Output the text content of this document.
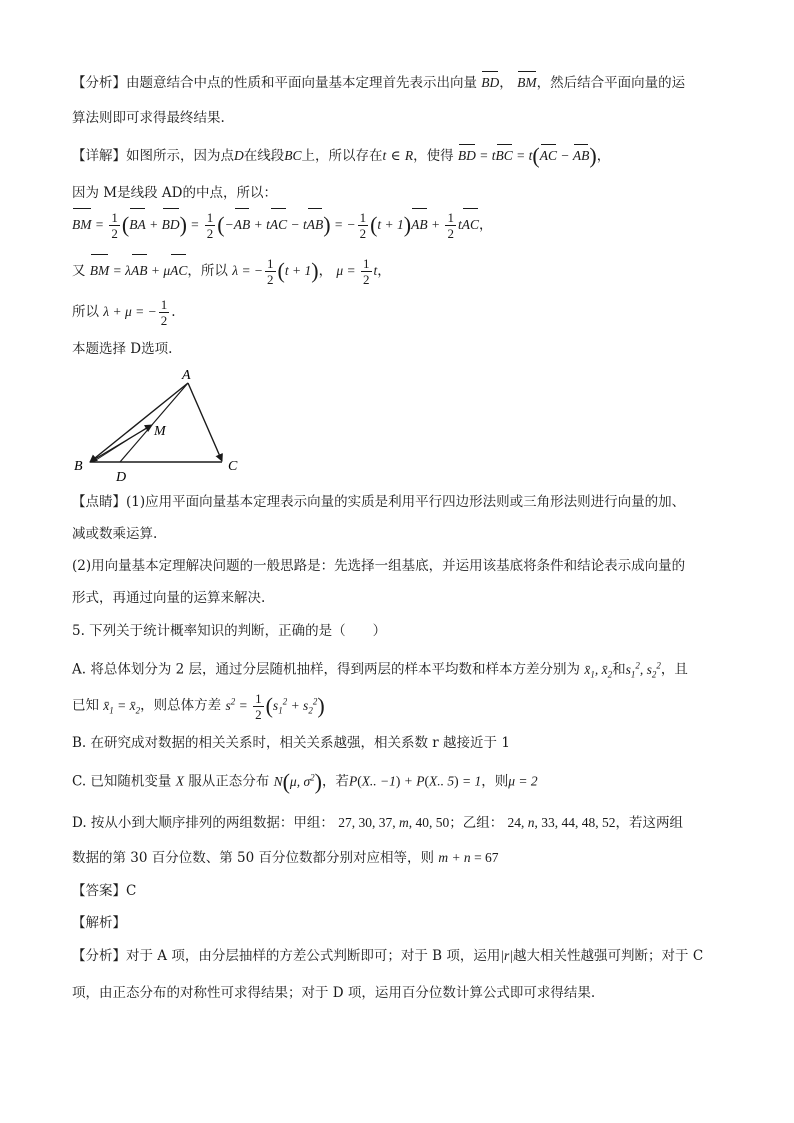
【分析】由题意结合中点的性质和平面向量基本定理首先表示出向量 BD， BM，然后结合平面向量的运
算法则即可求得最终结果.
【详解】如图所示，因为点D在线段BC上，所以存在t ∈ R，使得 BD = tBC = t(AC − AB)，
因为 M是线段 AD的中点，所以：
BM = $\frac{1}{2} (BA + BD) = \frac{1}{2} (-AB$ + tAC − tAB) = − $\frac{1}{2} (t + 1)AB + \frac{1}{2}$ tAC，
又 BM = λAB + μAC，所以 λ = − $\frac{1}{2} (t + 1)$， $\mu = \frac{1}{2}$ t，
所以 λ + μ = − $\frac{1}{2}$ .
本题选择 D选项.
A
B	C
D
M
【点睛】(1)应用平面向量基本定理表示向量的实质是利用平行四边形法则或三角形法则进行向量的加、
减或数乘运算.
(2)用向量基本定理解决问题的一般思路是：先选择一组基底，并运用该基底将条件和结论表示成向量的
形式，再通过向量的运算来解决.
5. 下列关于统计概率知识的判断，正确的是（　　）
A. 将总体划分为 2 层，通过分层随机抽样，得到两层的样本平均数和样本方差分别为 $x̄_1$, $x̄_2$和$s_1^2$, $s_2^2$，且
已知 $x̄_1$ = $x̄_2$，则总体方差 $s^2 = \frac{1}{2} (s_1^2 + s_2^2)$
B. 在研究成对数据的相关关系时，相关关系越强，相关系数 r 越接近于 1
C. 已知随机变量 X 服从正态分布 N(μ, $\sigma^2$)，若P(X.. −1) + P(X.. 5) = 1，则μ = 2
D. 按从小到大顺序排列的两组数据：甲组： 27, 30, 37, m, 40, 50；乙组： 24, n, 33, 44, 48, 52，若这两组
数据的第 30 百分位数、第 50 百分位数都分别对应相等，则 m + n = 67
【答案】C
【解析】
【分析】对于 A 项，由分层抽样的方差公式判断即可；对于 B 项，运用|r|越大相关性越强可判断；对于 C
项，由正态分布的对称性可求得结果；对于 D 项，运用百分位数计算公式即可求得结果.
